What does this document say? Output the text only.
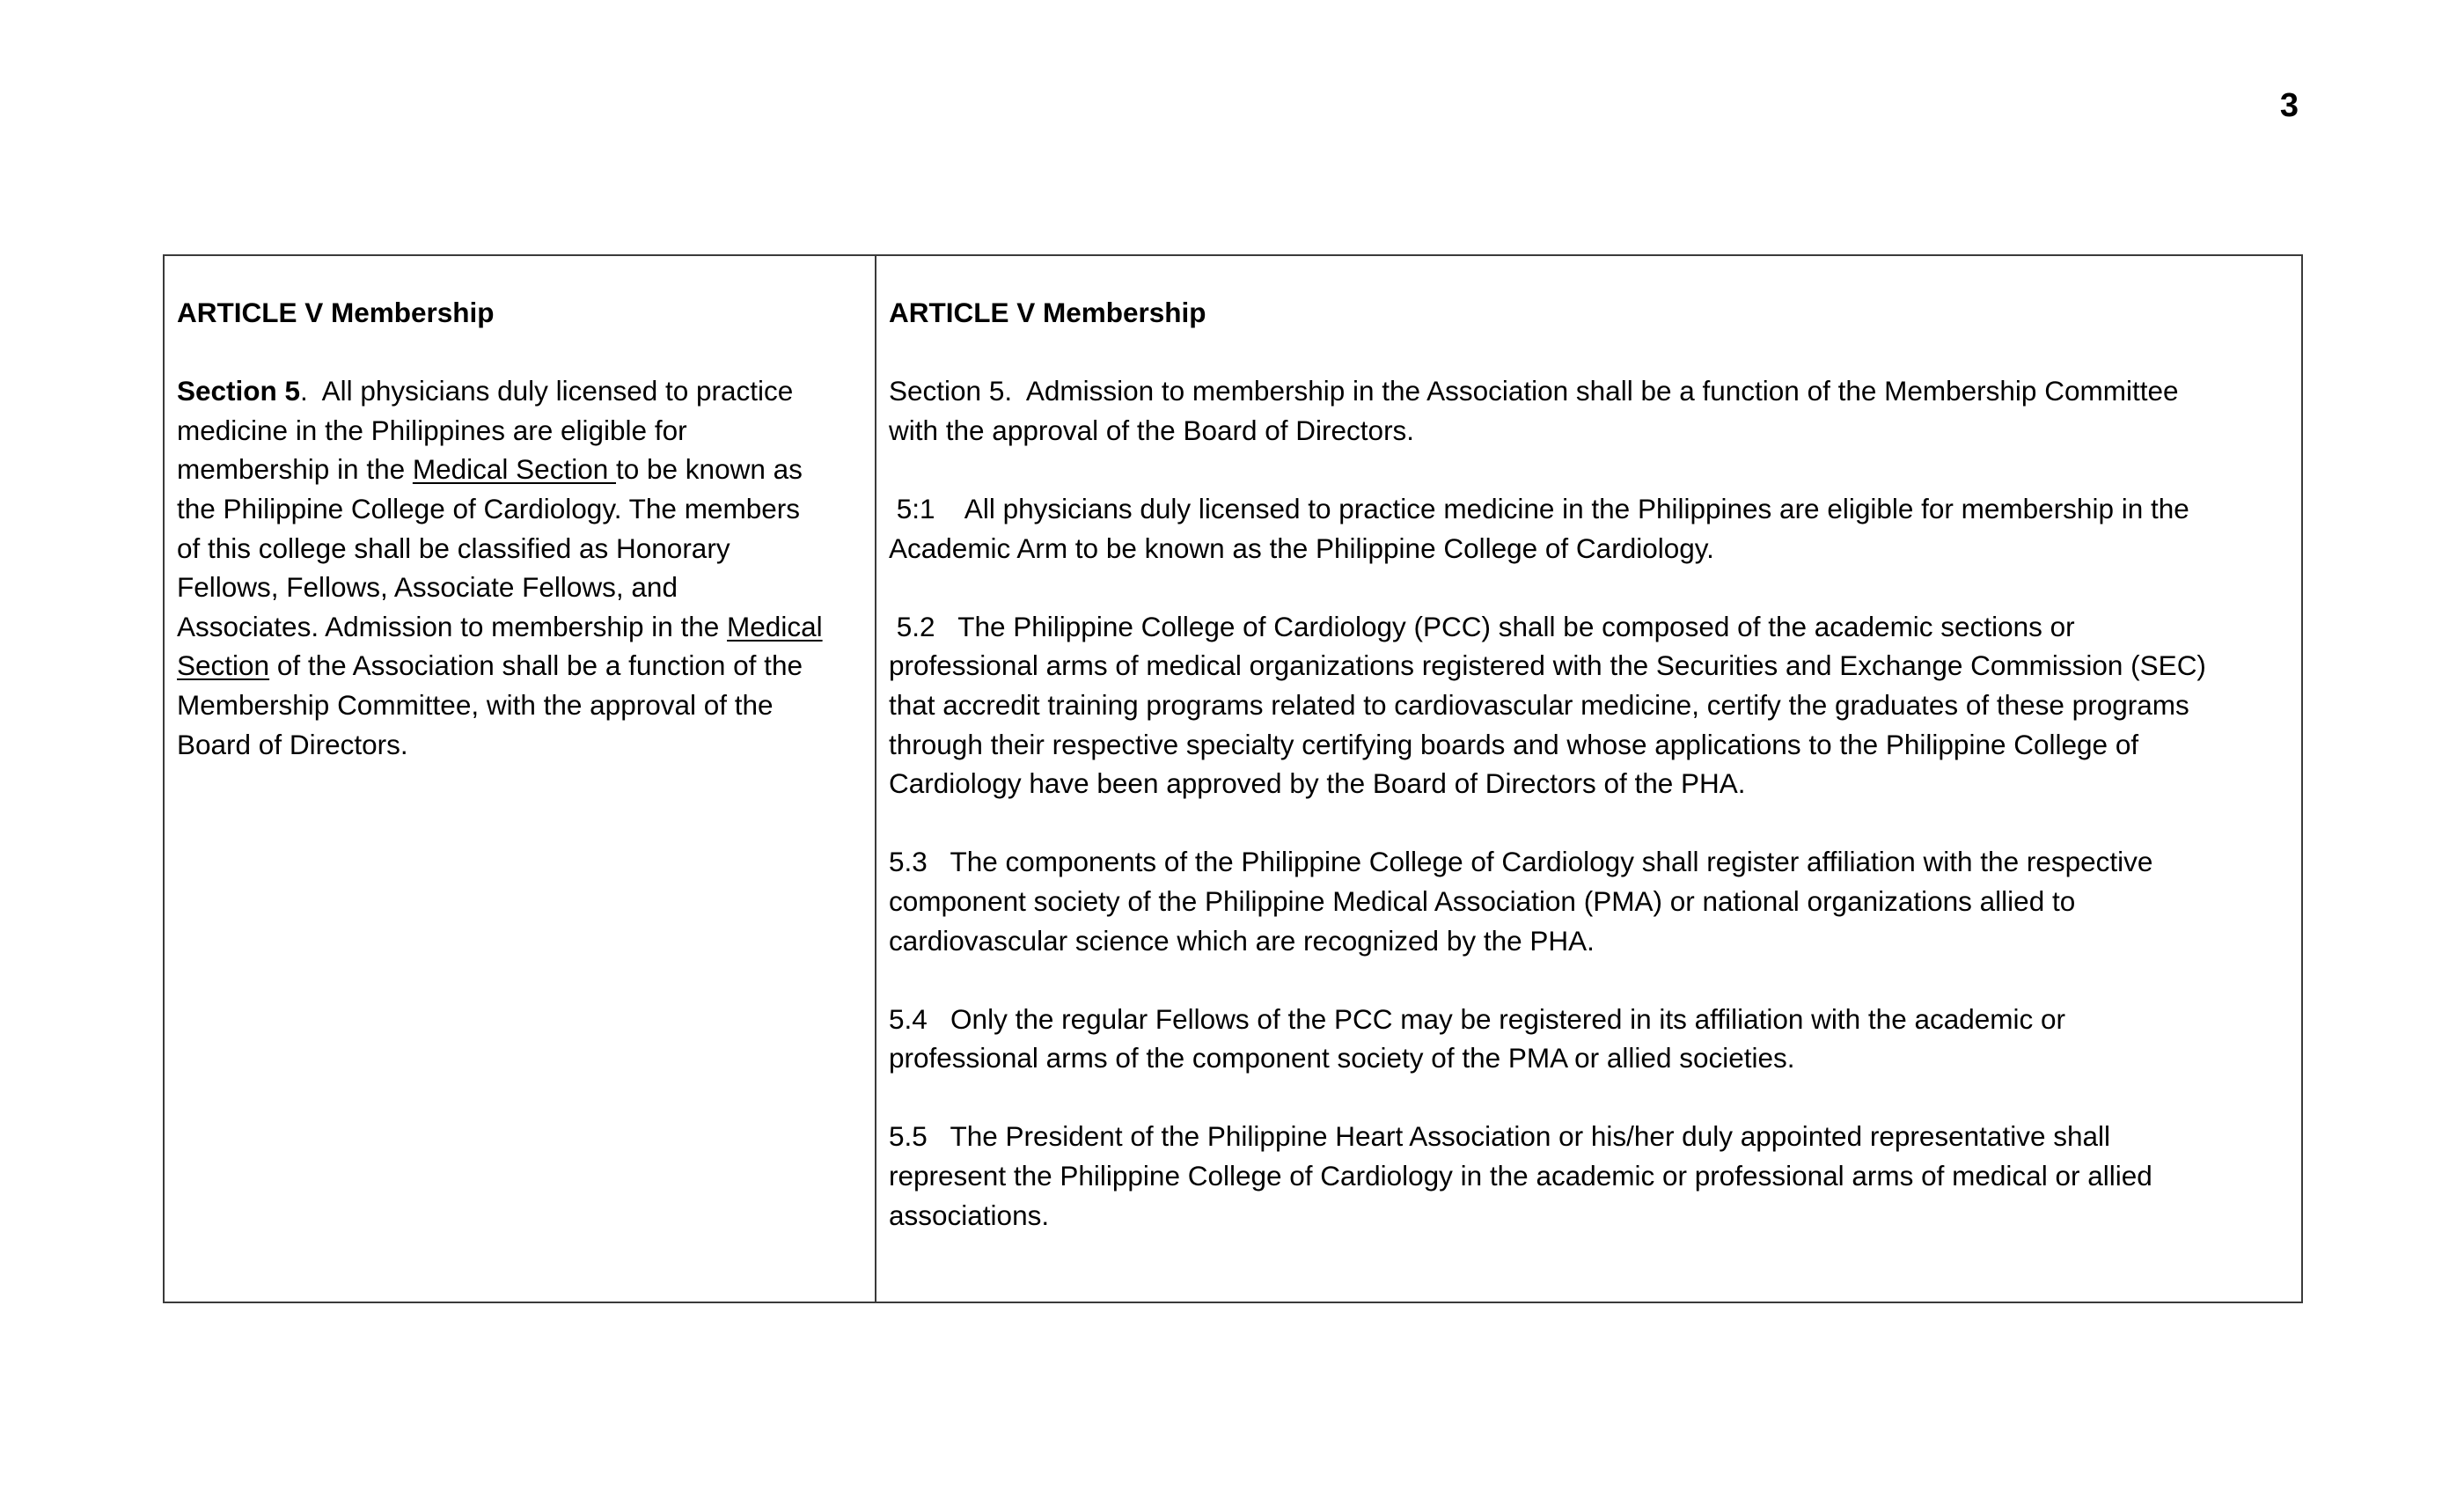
3
ARTICLE V Membership
Section 5.  All physicians duly licensed to practice
medicine in the Philippines are eligible for
membership in the Medical Section to be known as
the Philippine College of Cardiology. The members
of this college shall be classified as Honorary
Fellows, Fellows, Associate Fellows, and
Associates. Admission to membership in the Medical
Section of the Association shall be a function of the
Membership Committee, with the approval of the
Board of Directors.
ARTICLE V Membership
Section 5.  Admission to membership in the Association shall be a function of the Membership Committee
with the approval of the Board of Directors.
5:1    All physicians duly licensed to practice medicine in the Philippines are eligible for membership in the
Academic Arm to be known as the Philippine College of Cardiology.
5.2   The Philippine College of Cardiology (PCC) shall be composed of the academic sections or
professional arms of medical organizations registered with the Securities and Exchange Commission (SEC)
that accredit training programs related to cardiovascular medicine, certify the graduates of these programs
through their respective specialty certifying boards and whose applications to the Philippine College of
Cardiology have been approved by the Board of Directors of the PHA.
5.3   The components of the Philippine College of Cardiology shall register affiliation with the respective
component society of the Philippine Medical Association (PMA) or national organizations allied to
cardiovascular science which are recognized by the PHA.
5.4   Only the regular Fellows of the PCC may be registered in its affiliation with the academic or
professional arms of the component society of the PMA or allied societies.
5.5   The President of the Philippine Heart Association or his/her duly appointed representative shall
represent the Philippine College of Cardiology in the academic or professional arms of medical or allied
associations.
